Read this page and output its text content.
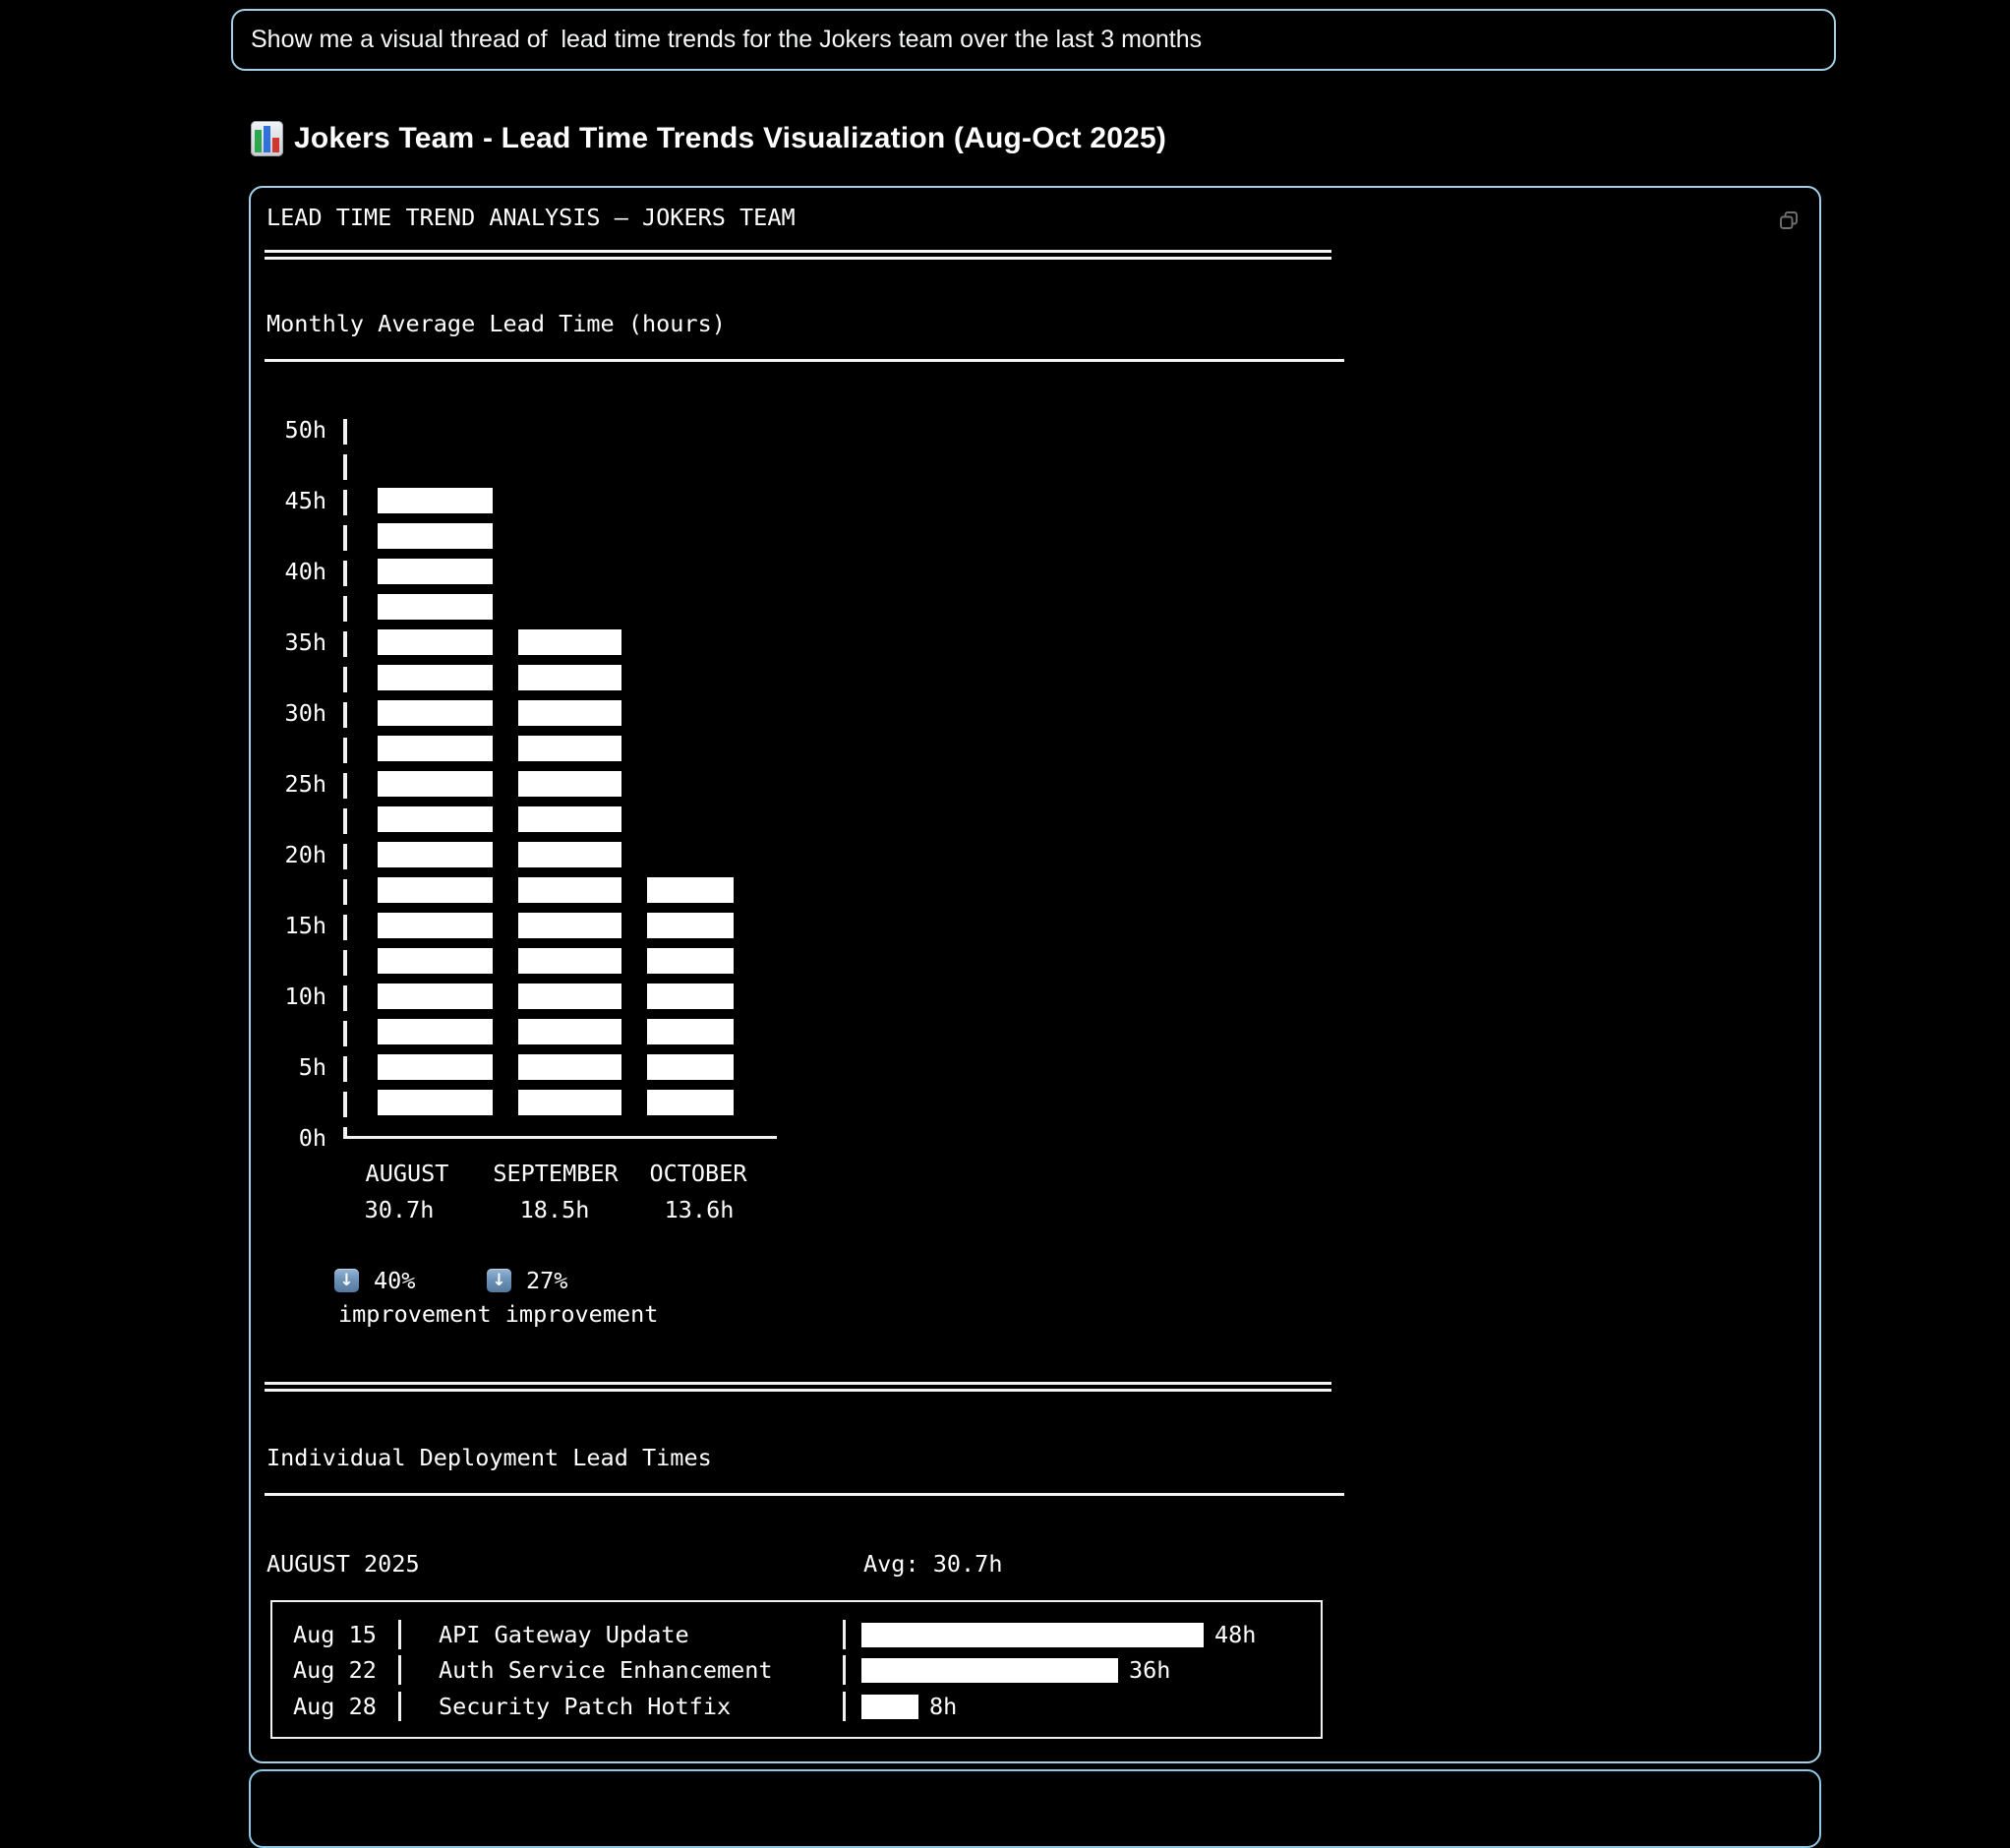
Show me a visual thread of  lead time trends for the Jokers team over the last 3 months
Jokers Team - Lead Time Trends Visualization (Aug-Oct 2025)
LEAD TIME TREND ANALYSIS — JOKERS TEAM
Monthly Average Lead Time (hours)
0h
5h
10h
15h
20h
25h
30h
35h
40h
45h
50h
AUGUST
30.7h
SEPTEMBER
18.5h
OCTOBER
13.6h
↓ 40%	↓ 27%
improvement improvement
Individual Deployment Lead Times
AUGUST 2025	Avg: 30.7h
Aug 15	API Gateway Update	48h
Aug 22	Auth Service Enhancement	36h
Aug 28	Security Patch Hotfix	8h
